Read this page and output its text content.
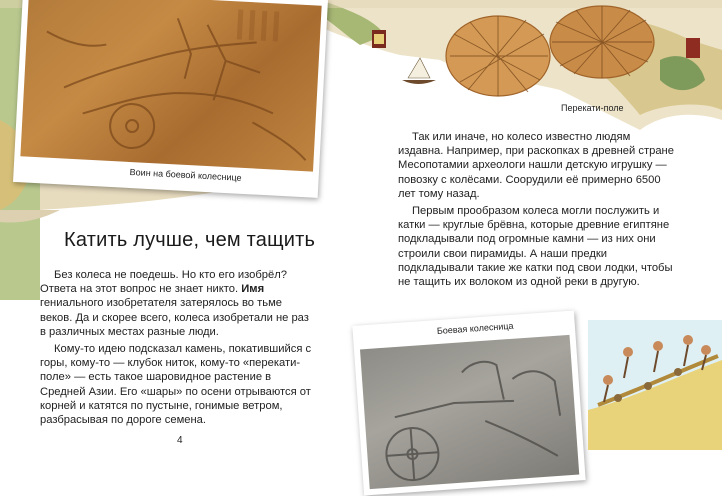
Воин на боевой колеснице
Перекати-поле
Катить лучше, чем тащить

Без колеса не поедешь. Но кто его изобрёл? Ответа на этот вопрос не знает никто. Имя гениального изобретателя затерялось во тьме веков. Да и скорее всего, колеса изобретали не раз в различных местах разные люди.

Кому-то идею подсказал камень, покатившийся с горы, кому-то — клубок ниток, кому-то «перекати-поле» — есть такое шаровидное растение в Средней Азии. Его «шары» по осени отрываются от корней и катятся по пустыне, гонимые ветром, разбрасывая по дороге семена.

4

Так или иначе, но колесо известно людям издавна. Например, при раскопках в древней стране Месопотамии археологи нашли детскую игрушку — повозку с колёсами. Соорудили её примерно 6500 лет тому назад.

Первым прообразом колеса могли послужить и катки — круглые брёвна, которые древние египтяне подкладывали под огромные камни — из них они строили свои пирамиды. А наши предки подкладывали такие же катки под свои лодки, чтобы не тащить их волоком из одной реки в другую.

Боевая колесница
